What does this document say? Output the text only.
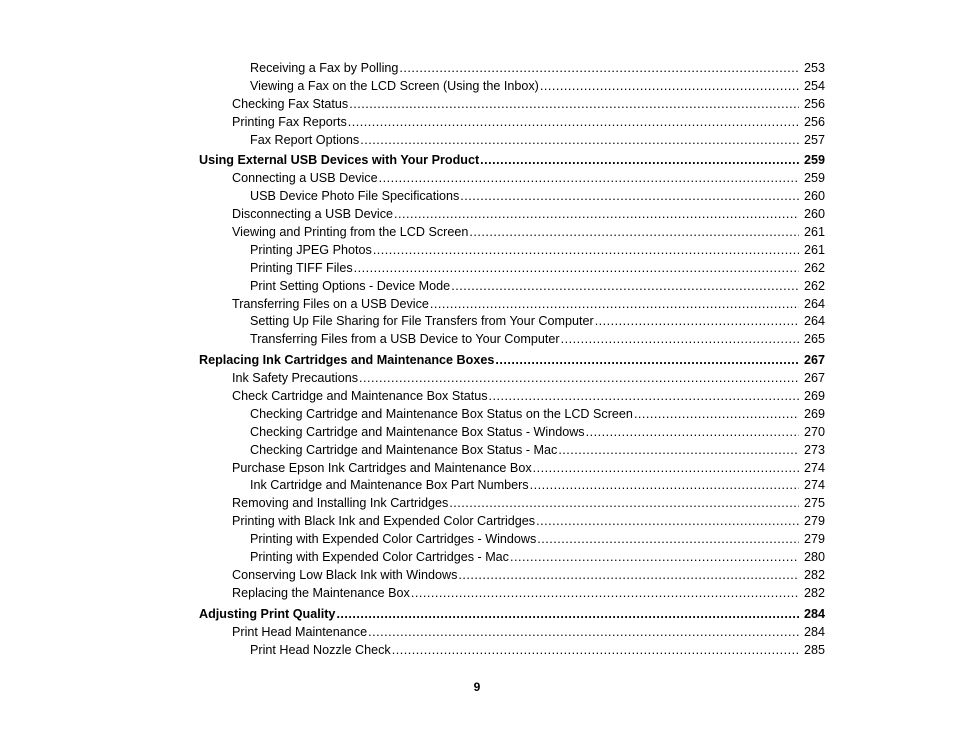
Receiving a Fax by Polling .....	253
Viewing a Fax on the LCD Screen (Using the Inbox) .....	254
Checking Fax Status .....	256
Printing Fax Reports .....	256
Fax Report Options .....	257
Using External USB Devices with Your Product .....	259
Connecting a USB Device .....	259
USB Device Photo File Specifications .....	260
Disconnecting a USB Device .....	260
Viewing and Printing from the LCD Screen .....	261
Printing JPEG Photos .....	261
Printing TIFF Files .....	262
Print Setting Options - Device Mode .....	262
Transferring Files on a USB Device .....	264
Setting Up File Sharing for File Transfers from Your Computer .....	264
Transferring Files from a USB Device to Your Computer .....	265
Replacing Ink Cartridges and Maintenance Boxes .....	267
Ink Safety Precautions .....	267
Check Cartridge and Maintenance Box Status .....	269
Checking Cartridge and Maintenance Box Status on the LCD Screen .....	269
Checking Cartridge and Maintenance Box Status - Windows .....	270
Checking Cartridge and Maintenance Box Status - Mac .....	273
Purchase Epson Ink Cartridges and Maintenance Box .....	274
Ink Cartridge and Maintenance Box Part Numbers .....	274
Removing and Installing Ink Cartridges .....	275
Printing with Black Ink and Expended Color Cartridges .....	279
Printing with Expended Color Cartridges - Windows .....	279
Printing with Expended Color Cartridges - Mac .....	280
Conserving Low Black Ink with Windows .....	282
Replacing the Maintenance Box .....	282
Adjusting Print Quality .....	284
Print Head Maintenance .....	284
Print Head Nozzle Check .....	285
9
